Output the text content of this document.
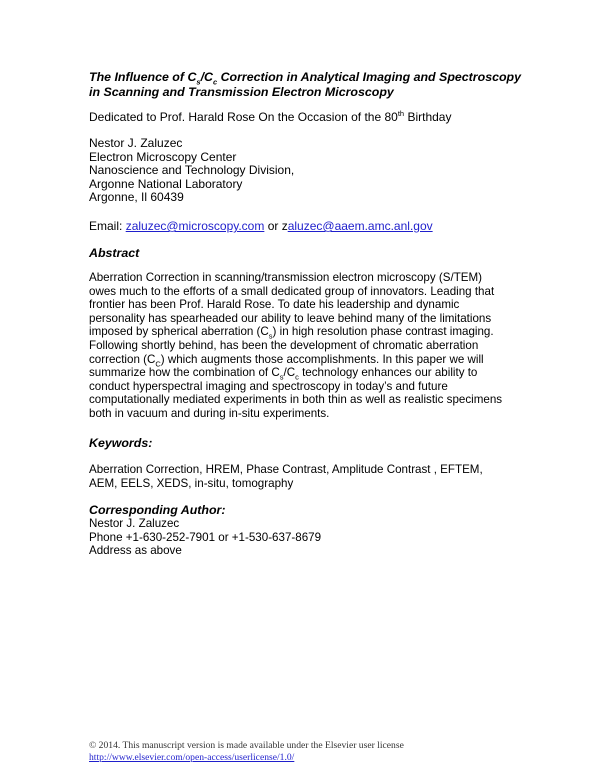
The Influence of $C_s/C_c$ Correction in Analytical Imaging and Spectroscopy
in Scanning and Transmission Electron Microscopy
Dedicated to Prof. Harald Rose On the Occasion of the 80th Birthday
Nestor J. Zaluzec
Electron Microscopy Center
Nanoscience and Technology Division,
Argonne National Laboratory
Argonne, Il 60439
Email: zaluzec@microscopy.com or zaluzec@aaem.amc.anl.gov
Abstract
Aberration Correction in scanning/transmission electron microscopy (S/TEM)
owes much to the efforts of a small dedicated group of innovators. Leading that
frontier has been Prof. Harald Rose. To date his leadership and dynamic
personality has spearheaded our ability to leave behind many of the limitations
imposed by spherical aberration $(C_s)$ in high resolution phase contrast imaging.
Following shortly behind, has been the development of chromatic aberration
correction $(C_C)$ which augments those accomplishments. In this paper we will
summarize how the combination of $C_s/C_c$ technology enhances our ability to
conduct hyperspectral imaging and spectroscopy in today’s and future
computationally mediated experiments in both thin as well as realistic specimens
both in vacuum and during in-situ experiments.
Keywords:
Aberration Correction, HREM, Phase Contrast, Amplitude Contrast , EFTEM,
AEM, EELS, XEDS, in-situ, tomography
Corresponding Author:
Nestor J. Zaluzec
Phone +1-630-252-7901 or +1-530-637-8679
Address as above
© 2014. This manuscript version is made available under the Elsevier user license
http://www.elsevier.com/open-access/userlicense/1.0/
